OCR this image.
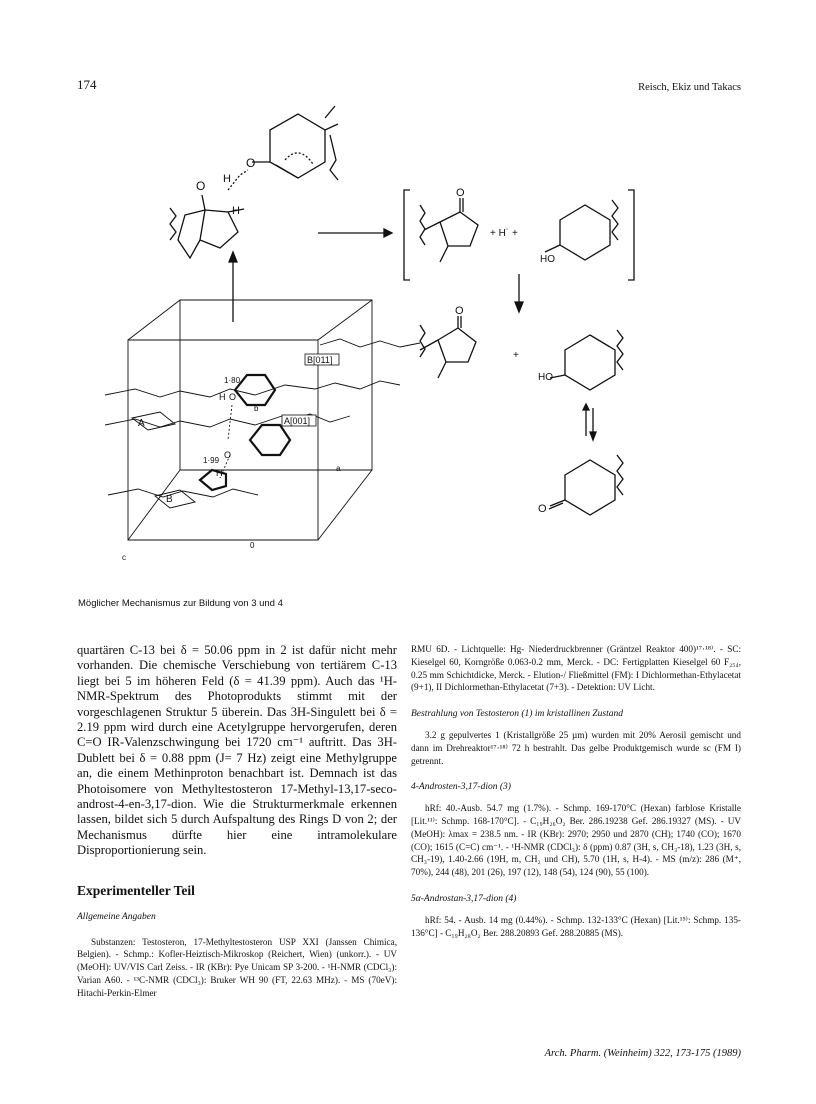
174	Reisch, Ekiz und Takacs
O
H
O
H
O
+ H˙ +
HO
O
+
HO
O
B[011]
A[001]
1·80
1·99
H O
O
H
A
B
b
a
c
0
Möglicher Mechanismus zur Bildung von 3 und 4

quartären C-13 bei δ = 50.06 ppm in 2 ist dafür nicht mehr vorhanden. Die chemische Verschiebung von tertiärem C-13 liegt bei 5 im höheren Feld (δ = 41.39 ppm). Auch das ¹H-NMR-Spektrum des Photoprodukts stimmt mit der vorgeschlagenen Struktur 5 überein. Das 3H-Singulett bei δ = 2.19 ppm wird durch eine Acetylgruppe hervorgerufen, deren C=O IR-Valenzschwingung bei 1720 cm⁻¹ auftritt. Das 3H-Dublett bei δ = 0.88 ppm (J= 7 Hz) zeigt eine Methylgruppe an, die einem Methinproton benachbart ist. Demnach ist das Photoisomere von Methyltestosteron 17-Methyl-13,17-seco-androst-4-en-3,17-dion. Wie die Strukturmerkmale erkennen lassen, bildet sich 5 durch Aufspaltung des Rings D von 2; der Mechanismus dürfte hier eine intramolekulare Disproportionierung sein.

Experimenteller Teil
Allgemeine Angaben

Substanzen: Testosteron, 17-Methyltestosteron USP XXI (Janssen Chimica, Belgien). - Schmp.: Kofler-Heiztisch-Mikroskop (Reichert, Wien) (unkorr.). - UV (MeOH): UV/VIS Carl Zeiss. - IR (KBr): Pye Unicam SP 3-200. - ¹H-NMR (CDCl₃): Varian A60. - ¹³C-NMR (CDCl₃): Bruker WH 90 (FT, 22.63 MHz). - MS (70eV): Hitachi-Perkin-Elmer

RMU 6D. - Lichtquelle: Hg- Niederdruckbrenner (Gräntzel Reaktor 400)¹⁷·¹⁸⁾. - SC: Kieselgel 60, Korngröße 0.063-0.2 mm, Merck. - DC: Fertigplatten Kieselgel 60 F₂₅₄, 0.25 mm Schichtdicke, Merck. - Elution-/ Fließmittel (FM): I Dichlormethan-Ethylacetat (9+1), II Dichlormethan-Ethylacetat (7+3). - Detektion: UV Licht.

Bestrahlung von Testosteron (1) im kristallinen Zustand

3.2 g gepulvertes 1 (Kristallgröße 25 µm) wurden mit 20% Aerosil gemischt und dann im Drehreaktor¹⁷·¹⁸⁾ 72 h bestrahlt. Das gelbe Produktgemisch wurde sc (FM I) getrennt.

4-Androsten-3,17-dion (3)

hRf: 40.-Ausb. 54.7 mg (1.7%). - Schmp. 169-170°C (Hexan) farblose Kristalle [Lit.¹¹⁾: Schmp. 168-170°C]. - C₁₉H₂₆O₂ Ber. 286.19238 Gef. 286.19327 (MS). - UV (MeOH): λmax = 238.5 nm. - IR (KBr): 2970; 2950 und 2870 (CH); 1740 (CO); 1670 (CO); 1615 (C=C) cm⁻¹. - ¹H-NMR (CDCl₃): δ (ppm) 0.87 (3H, s, CH₃-18), 1.23 (3H, s, CH₃-19), 1.40-2.66 (19H, m, CH₂ und CH), 5.70 (1H, s, H-4). - MS (m/z): 286 (M⁺, 70%), 244 (48), 201 (26), 197 (12), 148 (54), 124 (90), 55 (100).

5α-Androstan-3,17-dion (4)

hRf: 54. - Ausb. 14 mg (0.44%). - Schmp. 132-133°C (Hexan) [Lit.¹⁵⁾: Schmp. 135-136°C] - C₁₉H₂₈O₂ Ber. 288.20893 Gef. 288.20885 (MS).

Arch. Pharm. (Weinheim) 322, 173-175 (1989)
